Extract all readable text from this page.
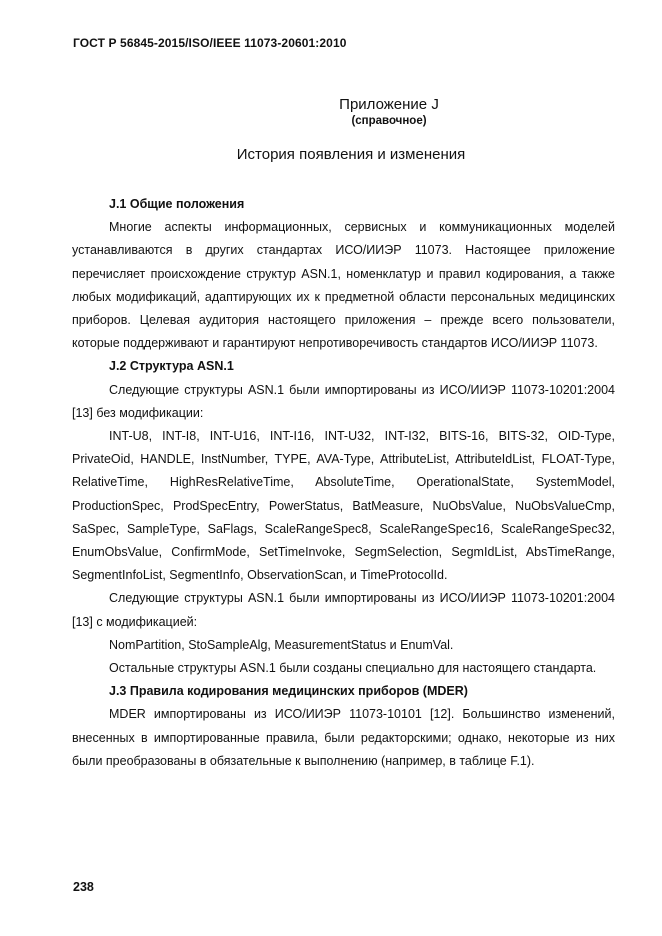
ГОСТ Р 56845-2015/ISO/IEEE 11073-20601:2010
Приложение J
(справочное)
История появления и изменения

J.1 Общие положения

Многие аспекты информационных, сервисных и коммуникационных моделей устанавливаются в других стандартах ИСО/ИИЭР 11073. Настоящее приложение перечисляет происхождение структур ASN.1, номенклатур и правил кодирования, а также любых модификаций, адаптирующих их к предметной области персональных медицинских приборов. Целевая аудитория настоящего приложения – прежде всего пользователи, которые поддерживают и гарантируют непротиворечивость стандартов ИСО/ИИЭР 11073.

J.2 Структура ASN.1

Следующие структуры ASN.1 были импортированы из ИСО/ИИЭР 11073-10201:2004 [13] без модификации:

INT-U8, INT-I8, INT-U16, INT-I16, INT-U32, INT-I32, BITS-16, BITS-32, OID-Type, PrivateOid, HANDLE, InstNumber, TYPE, AVA-Type, AttributeList, AttributeIdList, FLOAT-Type, RelativeTime, HighResRelativeTime, AbsoluteTime, OperationalState, SystemModel, ProductionSpec, ProdSpecEntry, PowerStatus, BatMeasure, NuObsValue, NuObsValueCmp, SaSpec, SampleType, SaFlags, ScaleRangeSpec8, ScaleRangeSpec16, ScaleRangeSpec32, EnumObsValue, ConfirmMode, SetTimeInvoke, SegmSelection, SegmIdList, AbsTimeRange, SegmentInfoList, SegmentInfo, ObservationScan, и TimeProtocolId.

Следующие структуры ASN.1 были импортированы из ИСО/ИИЭР 11073-10201:2004 [13] с модификацией:

NomPartition, StoSampleAlg, MeasurementStatus и EnumVal.

Остальные структуры ASN.1 были созданы специально для настоящего стандарта.

J.3 Правила кодирования медицинских приборов (MDER)

MDER импортированы из ИСО/ИИЭР 11073-10101 [12]. Большинство изменений, внесенных в импортированные правила, были редакторскими; однако, некоторые из них были преобразованы в обязательные к выполнению (например, в таблице F.1).

238
